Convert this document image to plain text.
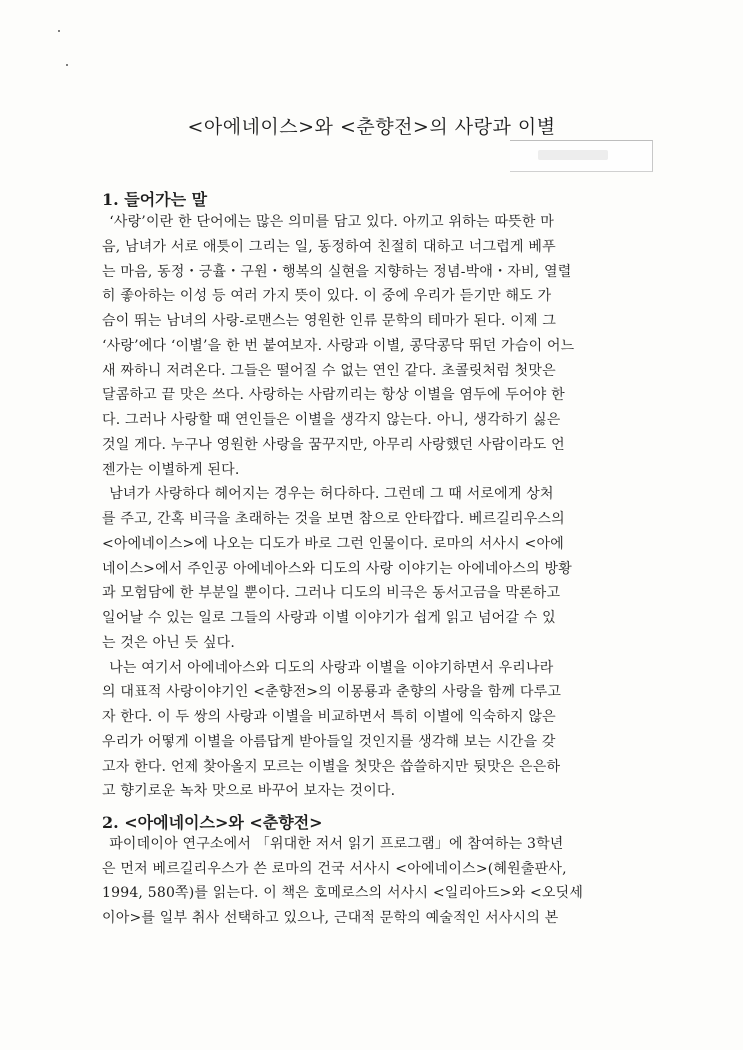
<아에네이스>와 <춘향전>의 사랑과 이별
1. 들어가는 말
 ‘사랑’이란 한 단어에는 많은 의미를 담고 있다. 아끼고 위하는 따뜻한 마
음, 남녀가 서로 애틋이 그리는 일, 동정하여 친절히 대하고 너그럽게 베푸
는 마음, 동정・긍휼・구원・행복의 실현을 지향하는 정념-박애・자비, 열렬
히 좋아하는 이성 등 여러 가지 뜻이 있다. 이 중에 우리가 듣기만 해도 가
슴이 뛰는 남녀의 사랑-로맨스는 영원한 인류 문학의 테마가 된다. 이제 그
‘사랑’에다 ‘이별’을 한 번 붙여보자. 사랑과 이별, 콩닥콩닥 뛰던 가슴이 어느
새 짜하니 저려온다. 그들은 떨어질 수 없는 연인 같다. 초콜릿처럼 첫맛은
달콤하고 끝 맛은 쓰다. 사랑하는 사람끼리는 항상 이별을 염두에 두어야 한
다. 그러나 사랑할 때 연인들은 이별을 생각지 않는다. 아니, 생각하기 싫은
것일 게다. 누구나 영원한 사랑을 꿈꾸지만, 아무리 사랑했던 사람이라도 언
젠가는 이별하게 된다.
 남녀가 사랑하다 헤어지는 경우는 허다하다. 그런데 그 때 서로에게 상처
를 주고, 간혹 비극을 초래하는 것을 보면 참으로 안타깝다. 베르길리우스의
<아에네이스>에 나오는 디도가 바로 그런 인물이다. 로마의 서사시 <아에
네이스>에서 주인공 아에네아스와 디도의 사랑 이야기는 아에네아스의 방황
과 모험담에 한 부분일 뿐이다. 그러나 디도의 비극은 동서고금을 막론하고
일어날 수 있는 일로 그들의 사랑과 이별 이야기가 쉽게 읽고 넘어갈 수 있
는 것은 아닌 듯 싶다.
 나는 여기서 아에네아스와 디도의 사랑과 이별을 이야기하면서 우리나라
의 대표적 사랑이야기인 <춘향전>의 이몽룡과 춘향의 사랑을 함께 다루고
자 한다. 이 두 쌍의 사랑과 이별을 비교하면서 특히 이별에 익숙하지 않은
우리가 어떻게 이별을 아름답게 받아들일 것인지를 생각해 보는 시간을 갖
고자 한다. 언제 찾아올지 모르는 이별을 첫맛은 씁쓸하지만 뒷맛은 은은하
고 향기로운 녹차 맛으로 바꾸어 보자는 것이다.
2. <아에네이스>와 <춘향전>
 파이데이아 연구소에서 「위대한 저서 읽기 프로그램」에 참여하는 3학년
은 먼저 베르길리우스가 쓴 로마의 건국 서사시 <아에네이스>(혜원출판사,
1994, 580쪽)를 읽는다. 이 책은 호메로스의 서사시 <일리아드>와 <오딧세
이아>를 일부 취사 선택하고 있으나, 근대적 문학의 예술적인 서사시의 본
